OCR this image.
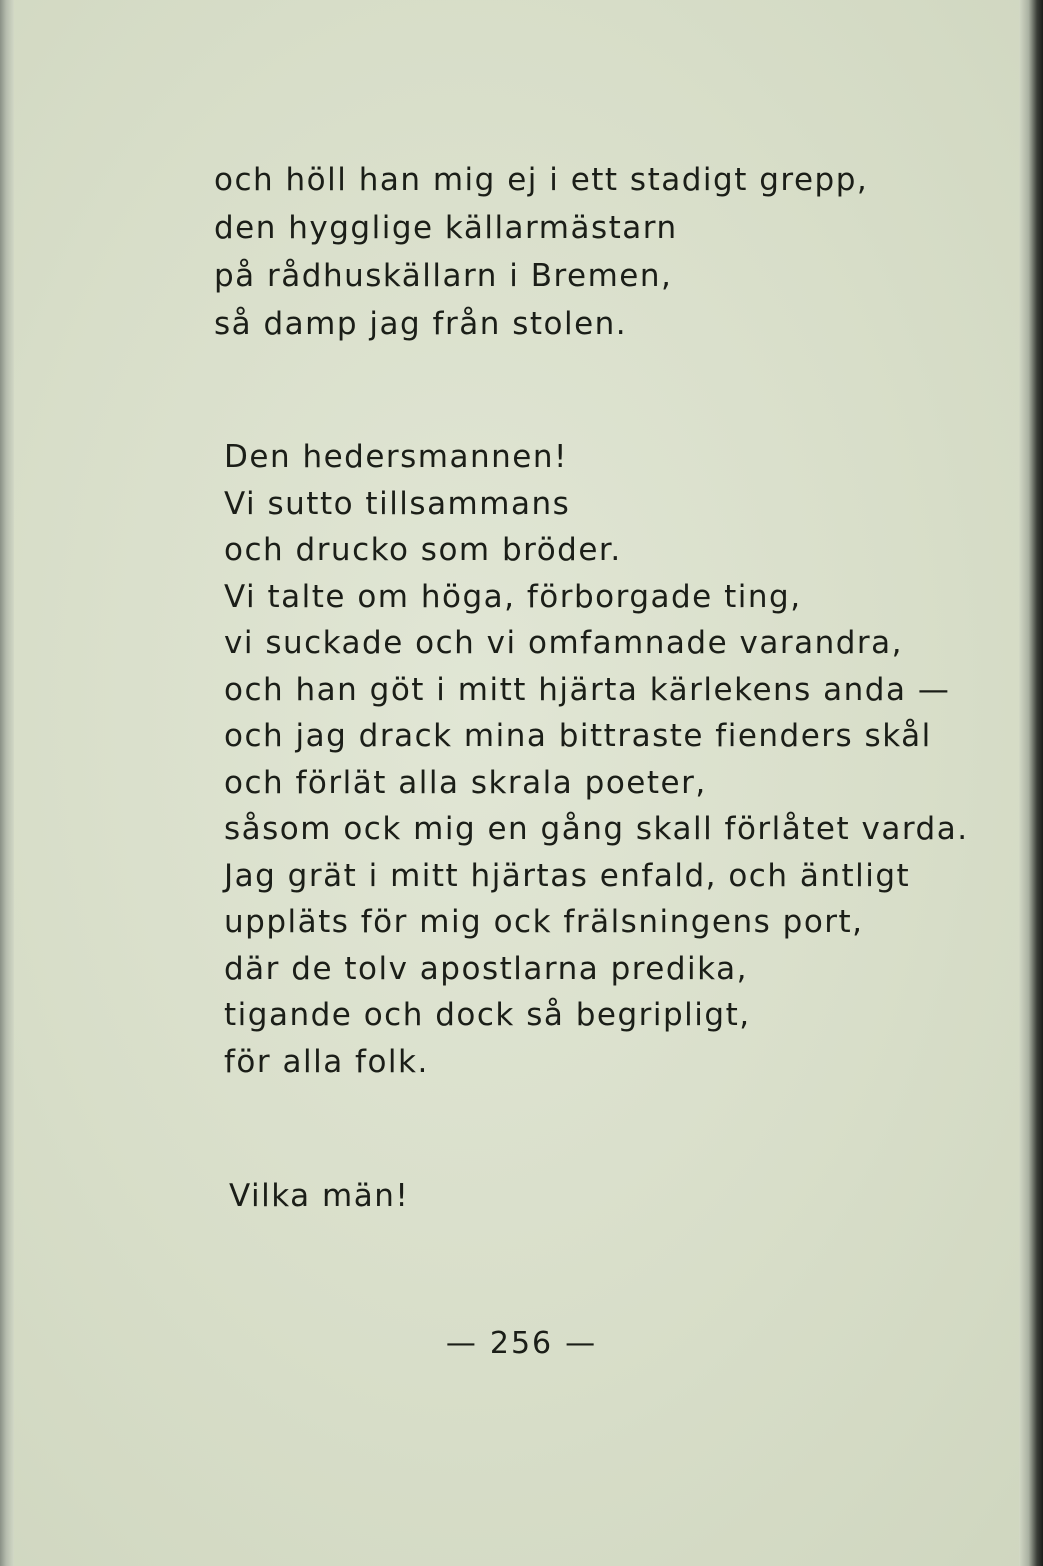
och höll han mig ej i ett stadigt grepp,
den hygglige källarmästarn
på rådhuskällarn i Bremen,
så damp jag från stolen.
Den hedersmannen!
Vi sutto tillsammans
och drucko som bröder.
Vi talte om höga, förborgade ting,
vi suckade och vi omfamnade varandra,
och han göt i mitt hjärta kärlekens anda —
och jag drack mina bittraste fienders skål
och förlät alla skrala poeter,
såsom ock mig en gång skall förlåtet varda.
Jag grät i mitt hjärtas enfald, och äntligt
uppläts för mig ock frälsningens port,
där de tolv apostlarna predika,
tigande och dock så begripligt,
för alla folk.
Vilka män!
— 256 —
